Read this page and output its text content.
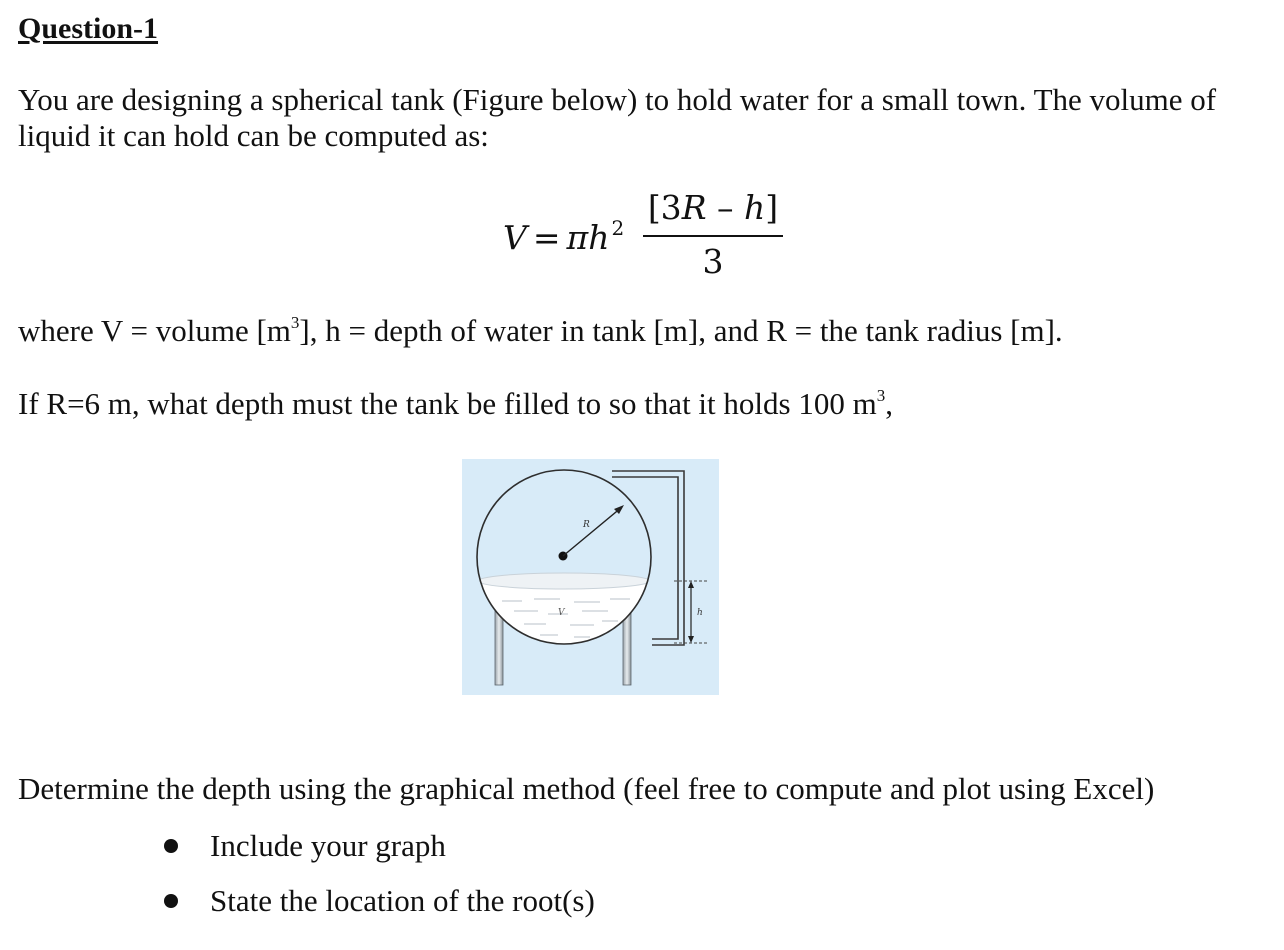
Question-1
You are designing a spherical tank (Figure below) to hold water for a small town. The volume of
liquid it can hold can be computed as:
V = πh $^2$
[3R – h]
3
where V = volume $[m^3]$, h = depth of water in tank [m], and R = the tank radius [m].
If R=6 m, what depth must the tank be filled to so that it holds 100 $m^3$,
R
V	h
Determine the depth using the graphical method (feel free to compute and plot using Excel)
Include your graph
State the location of the root(s)
